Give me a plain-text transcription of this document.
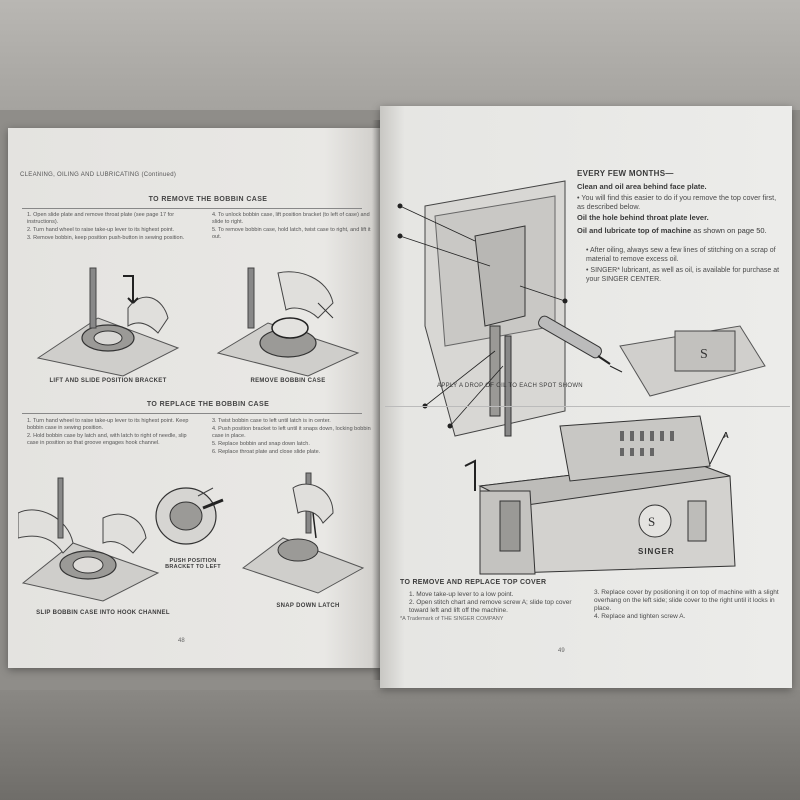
CLEANING, OILING AND LUBRICATING (Continued)
TO REMOVE THE BOBBIN CASE
1. Open slide plate and remove throat plate (see page 17 for instructions).
2. Turn hand wheel to raise take-up lever to its highest point.
3. Remove bobbin, keep position push-button in sewing position.
4. To unlock bobbin case, lift position bracket (to left of case) and slide to right.
5. To remove bobbin case, hold latch, twist case to right, and lift it out.
LIFT AND SLIDE POSITION BRACKET	REMOVE BOBBIN CASE
TO REPLACE THE BOBBIN CASE
1. Turn hand wheel to raise take-up lever to its highest point. Keep bobbin case in sewing position.
2. Hold bobbin case by latch and, with latch to right of needle, slip case in position so that groove engages hook channel.
3. Twist bobbin case to left until latch is in center.
4. Push position bracket to left until it snaps down, locking bobbin case in place.
5. Replace bobbin and snap down latch.
6. Replace throat plate and close slide plate.
PUSH POSITION BRACKET TO LEFT
SLIP BOBBIN CASE INTO HOOK CHANNEL
SNAP DOWN LATCH
48
S
EVERY FEW MONTHS—
Clean and oil area behind face plate.

• You will find this easier to do if you remove the top cover first, as described below.

Oil the hole behind throat plate lever.
Oil and lubricate top of machine as shown on page 50.
• After oiling, always sew a few lines of stitching on a scrap of material to remove excess oil.
• SINGER* lubricant, as well as oil, is available for purchase at your SINGER CENTER.
APPLY A DROP OF OIL TO EACH SPOT SHOWN
S
A
SINGER
TO REMOVE AND REPLACE TOP COVER
1. Move take-up lever to a low point.
2. Open stitch chart and remove screw A; slide top cover toward left and lift off the machine.
3. Replace cover by positioning it on top of machine with a slight overhang on the left side; slide cover to the right until it locks in place.
4. Replace and tighten screw A.
*A Trademark of THE SINGER COMPANY
49
